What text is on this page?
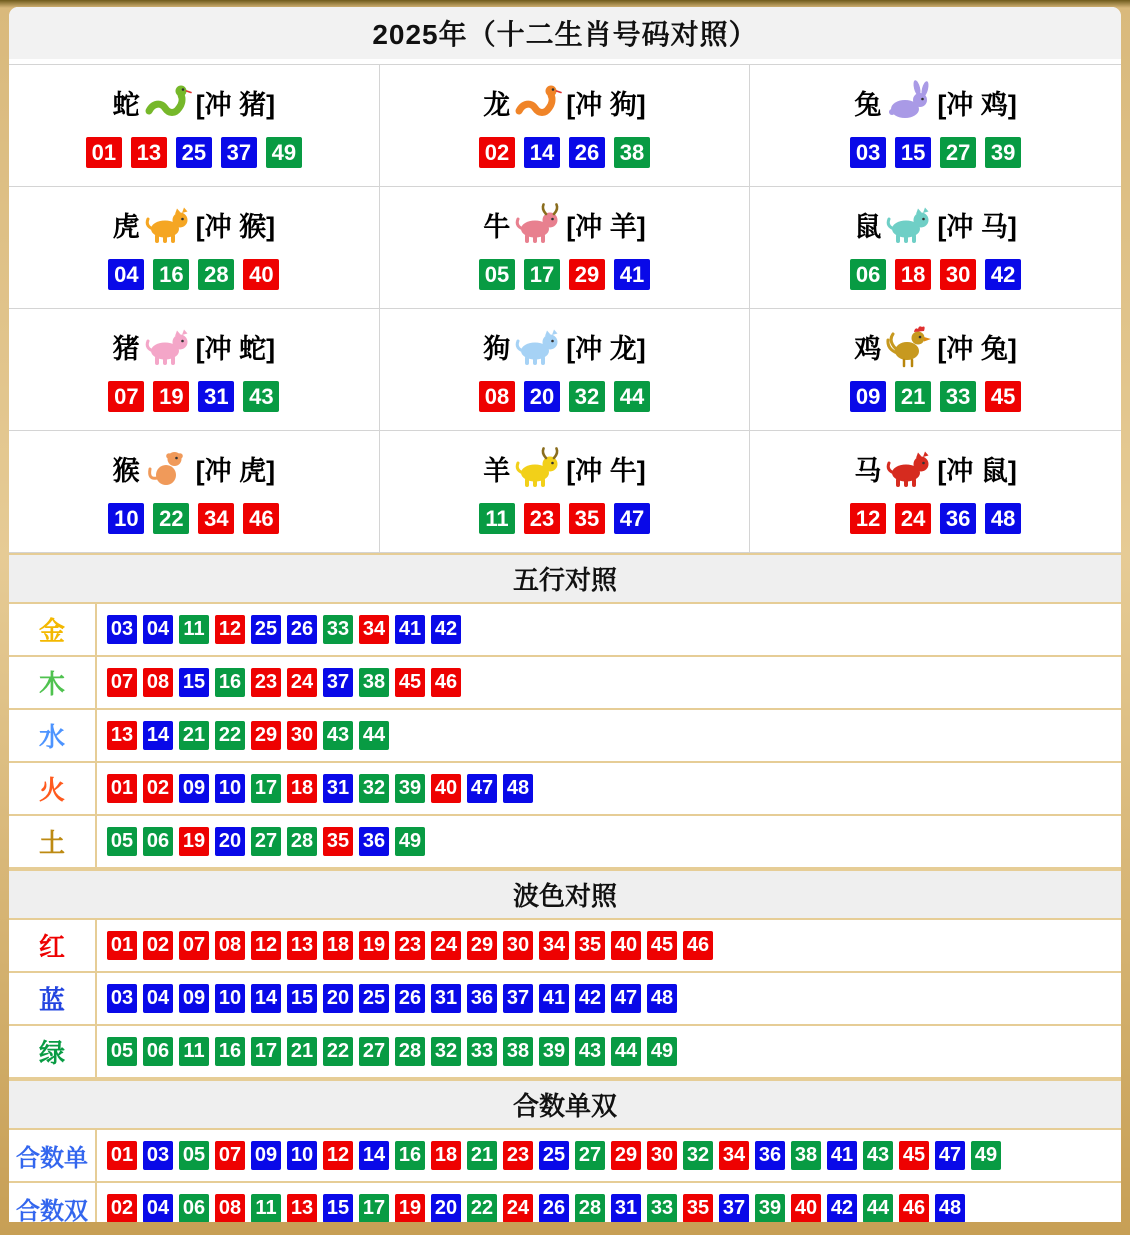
2025年（十二生肖号码对照）
蛇 [冲 猪]
01 13 25 37 49
龙 [冲 狗]
02 14 26 38
兔 [冲 鸡]
03 15 27 39
虎 [冲 猴]
04 16 28 40
牛 [冲 羊]
05 17 29 41
鼠 [冲 马]
06 18 30 42
猪 [冲 蛇]
07 19 31 43
狗 [冲 龙]
08 20 32 44
鸡 [冲 兔]
09 21 33 45
猴 [冲 虎]
10 22 34 46
羊 [冲 牛]
11 23 35 47
马 [冲 鼠]
12 24 36 48
五行对照
金	03 04 11 12 25 26 33 34 41 42
木	07 08 15 16 23 24 37 38 45 46
水	13 14 21 22 29 30 43 44
火	01 02 09 10 17 18 31 32 39 40 47 48
土	05 06 19 20 27 28 35 36 49
波色对照
红	01 02 07 08 12 13 18 19 23 24 29 30 34 35 40 45 46
蓝	03 04 09 10 14 15 20 25 26 31 36 37 41 42 47 48
绿	05 06 11 16 17 21 22 27 28 32 33 38 39 43 44 49
合数单双
合数单	01 03 05 07 09 10 12 14 16 18 21 23 25 27 29 30 32 34 36 38 41 43 45 47 49
合数双	02 04 06 08 11 13 15 17 19 20 22 24 26 28 31 33 35 37 39 40 42 44 46 48
